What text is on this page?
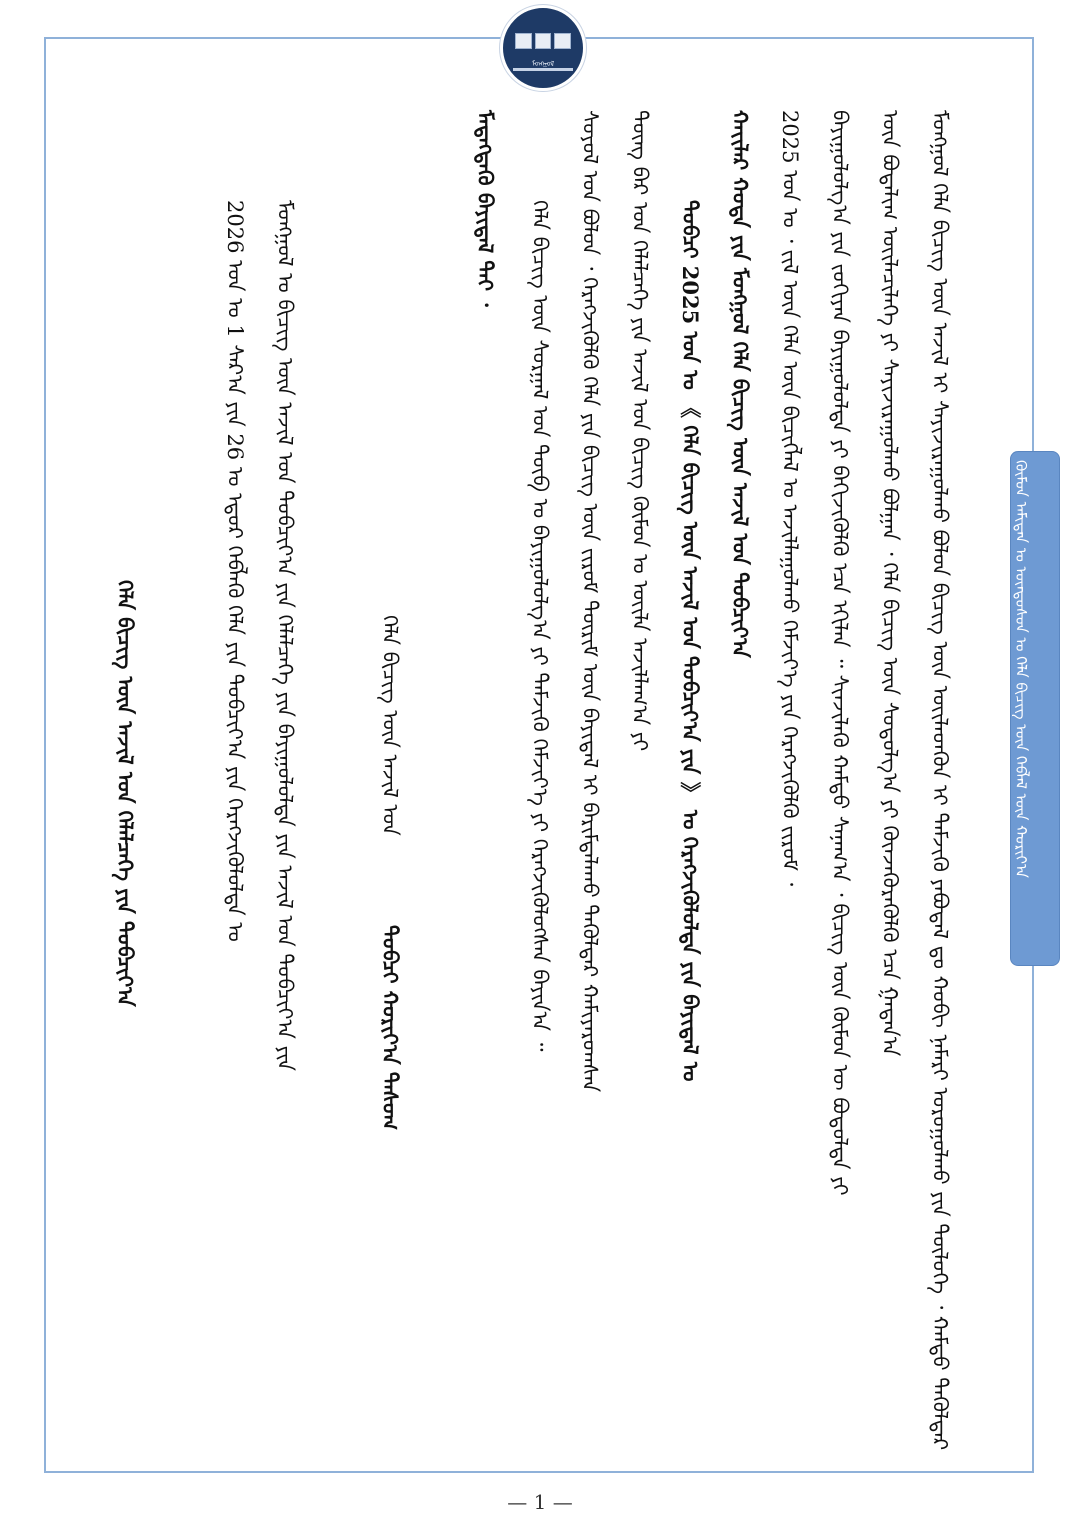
ᠮᠣᠩᠭᠣᠯ
ᠬᠦᠮᠦᠨ ᠠᠮᠢᠲᠠᠨ ᠤ ᠦᠨᠳᠦᠰᠦᠨ ᠤ ᠬᠡᠯᠡ ᠪᠢᠴᠢᠭ ᠦᠨ ᠬᠡᠪᠯᠡᠯ ᠦᠨ ᠬᠣᠷᠢᠶ᠎ᠠ
ᠮᠣᠩᠭᠣᠯ ᠬᠡᠯᠡ ᠪᠢᠴᠢᠭ ᠦᠨ ᠠᠵᠢᠯ ᠢ ᠰᠠᠶᠢᠵᠢᠷᠠᠭᠤᠯᠬᠤ ᠪᠣᠯᠤᠨ ᠪᠢᠴᠢᠭ ᠦᠨ ᠦᠢᠯᠡᠳᠬᠦᠨ ᠢ ᠳᠡᠮᠵᠢᠬᠦ ᠶᠠᠪᠤᠳᠠᠯ ᠳᠤ ᠬᠤᠪᠢ ᠨᠡᠮᠡᠷᠢ ᠣᠷᠣᠭᠤᠯᠬᠤ ᠶᠢᠨ ᠲᠥᠯᠦᠭᠡ ᠂ ᠬᠠᠮᠲᠤ ᠲᠡᠭᠦᠯᠳᠡᠷ
ᠦᠨ ᠪᠣᠲᠠᠯᠢᠭ ᠦᠢᠯᠡᠴᠢᠯᠡᠭᠡ ᠶᠢ ᠰᠠᠶᠢᠵᠢᠷᠠᠭᠤᠯᠬᠤ ᠪᠣᠯᠭᠠᠨ ᠂ ᠬᠡᠯᠡ ᠪᠢᠴᠢᠭ ᠦᠨ ᠰᠤᠳᠤᠯᠭ᠎ᠠ ᠶᠢ ᠭᠦᠨᠵᠡᠭᠦᠷᠡᠭᠦᠯᠬᠦ ᠡᠴᠡ ᠭᠠᠳᠠᠨ᠎ᠠ
ᠪᠠᠶᠢᠭᠤᠯᠤᠯᠭ᠎ᠠ ᠶᠢᠨ ᠵᠤᠬᠢᠶᠠᠨ ᠪᠠᠶᠢᠭᠤᠯᠤᠯᠲᠠ ᠶᠢ ᠪᠡᠬᠢᠵᠢᠭᠦᠯᠬᠦ ᠡᠴᠡ ᠡᠬᠢᠯᠡᠨ ᠃ ᠰᠢᠨᠵᠢᠯᠡᠬᠦ ᠬᠠᠮᠲᠤ ᠰᠠᠨᠠᠭ᠎ᠠ ᠂ ᠪᠢᠴᠢᠭ ᠦᠨ ᠬᠦᠮᠦᠨ ᠦ ᠪᠤᠳᠤᠯᠲᠠ ᠶᠢ
2025 ᠣᠨ ᠤ ᠂ ᠵᠢᠯ ᠦᠨ ᠬᠡᠯᠡ ᠦᠨ ᠪᠢᠴᠢᠭ᠌ᠯᠡᠯ ᠤ ᠠᠵᠢᠯᠯᠠᠭᠤᠯᠬᠤ ᠬᠡᠮᠵᠢᠶ᠎ᠡ ᠶᠢᠨ ᠬᠡᠷᠡᠭᠵᠢᠭᠦᠯᠬᠦ ᠵᠢᠷᠤᠮ ᠂
ᠬᠠᠶ᠋ᠢᠯᠠᠷ ᠬᠣᠲᠠ ᠶᠢᠨ ᠮᠣᠩᠭᠣᠯ ᠬᠡᠯᠡ ᠪᠢᠴᠢᠭ ᠦᠨ ᠠᠵᠢᠯ ᠤᠨ ᠲᠣᠪᠴᠢᠶ᠎ᠠ
ᠲᠣᠪᠴᠢ 2025 ᠣᠨ ᠤ 《 ᠬᠡᠯᠡ ᠪᠢᠴᠢᠭ ᠦᠨ ᠠᠵᠢᠯ ᠤᠨ ᠲᠣᠪᠴᠢᠶ᠎ᠠ ᠶᠢᠨ 》 ᠤ ᠬᠡᠷᠡᠭᠵᠢᠭᠦᠯᠦᠯᠲᠡ ᠶᠢᠨ ᠪᠠᠶᠢᠳᠠᠯ ᠤ
ᠳᠦᠩ ᠪᠠᠷ ᠤᠨ ᠬᠡᠯᠡᠯᠴᠡᠭᠡ ᠶᠢᠨ ᠠᠵᠢᠯ ᠤᠨ ᠪᠢᠴᠢᠭ ᠬᠦᠮᠦᠨ ᠤ ᠦᠢᠯᠡ ᠠᠵᠢᠯᠯᠠᠭ᠎ᠠ ᠶᠢ
ᠰᠣᠶᠣᠯ ᠤᠨ ᠪᠣᠯᠤᠨ ᠂ ᠬᠡᠷᠡᠭᠵᠢᠭᠦᠯᠬᠦ ᠬᠡᠯᠡ ᠶᠢᠨ ᠪᠢᠴᠢᠭ ᠦᠨ ᠵᠢᠷᠤᠮ ᠳᠦᠷᠢᠮ ᠦᠨ ᠪᠠᠶᠢᠳᠠᠯ ᠢ ᠪᠠᠷᠢᠮᠲᠠᠯᠠᠬᠤ ᠲᠡᠭᠦᠯᠳᠡᠷ ᠬᠠᠮᠢᠶᠠᠷᠤᠭᠰᠠᠨ
ᠬᠡᠯᠡ ᠪᠢᠴᠢᠭ ᠦᠨ ᠰᠤᠷᠭᠠᠯ ᠤᠨ ᠲᠥᠪ ᠤ ᠪᠠᠶᠢᠭᠤᠯᠤᠯᠭ᠎ᠠ ᠶᠢ ᠳᠡᠮᠵᠢᠬᠦ ᠬᠡᠮᠵᠢᠶ᠎ᠡ ᠶᠢ ᠬᠡᠷᠡᠭᠵᠢᠭᠦᠯᠦᠭᠰᠡᠨ ᠪᠠᠶᠢᠨ᠎ᠠ ᠃
ᠮᠡᠳᠡᠭᠳᠡᠬᠦ ᠪᠠᠶᠢᠳᠠᠯ ᠲᠠᠢ ᠂
ᠬᠡᠯᠡ ᠪᠢᠴᠢᠭ ᠦᠨ ᠠᠵᠢᠯ ᠤᠨ
ᠲᠣᠪᠴᠢ ᠬᠣᠷᠢᠶ᠎ᠠ ᠲᠠᠰᠤᠭ
ᠮᠣᠩᠭᠣᠯ ᠤ ᠪᠢᠴᠢᠭ ᠦᠨ ᠠᠵᠢᠯ ᠤᠨ ᠲᠣᠪᠴᠢᠶ᠎ᠠ ᠶᠢᠨ ᠬᠡᠯᠡᠯᠴᠡᠭᠡ ᠶᠢᠨ ᠪᠠᠶᠢᠭᠤᠯᠤᠯᠲᠠ ᠶᠢᠨ ᠠᠵᠢᠯ ᠤᠨ ᠲᠣᠪᠴᠢᠶ᠎ᠠ ᠶᠢᠨ
2026 ᠣᠨ ᠤ 1 ᠰᠠᠷ᠎ᠠ ᠶᠢᠨ 26 ᠤ ᠡᠳᠦᠷ ᠬᠡᠪᠯᠡᠬᠦ ᠬᠡᠯᠡ ᠶᠢᠨ ᠲᠣᠪᠴᠢᠶ᠎ᠠ ᠶᠢᠨ ᠬᠡᠷᠡᠭᠵᠢᠭᠦᠯᠦᠯᠲᠡ ᠤ
ᠬᠡᠯᠡ ᠪᠢᠴᠢᠭ ᠦᠨ ᠠᠵᠢᠯ ᠤᠨ ᠬᠡᠯᠡᠯᠴᠡᠭᠡ ᠶᠢᠨ ᠲᠣᠪᠴᠢᠶ᠎ᠠ
— 1 —
